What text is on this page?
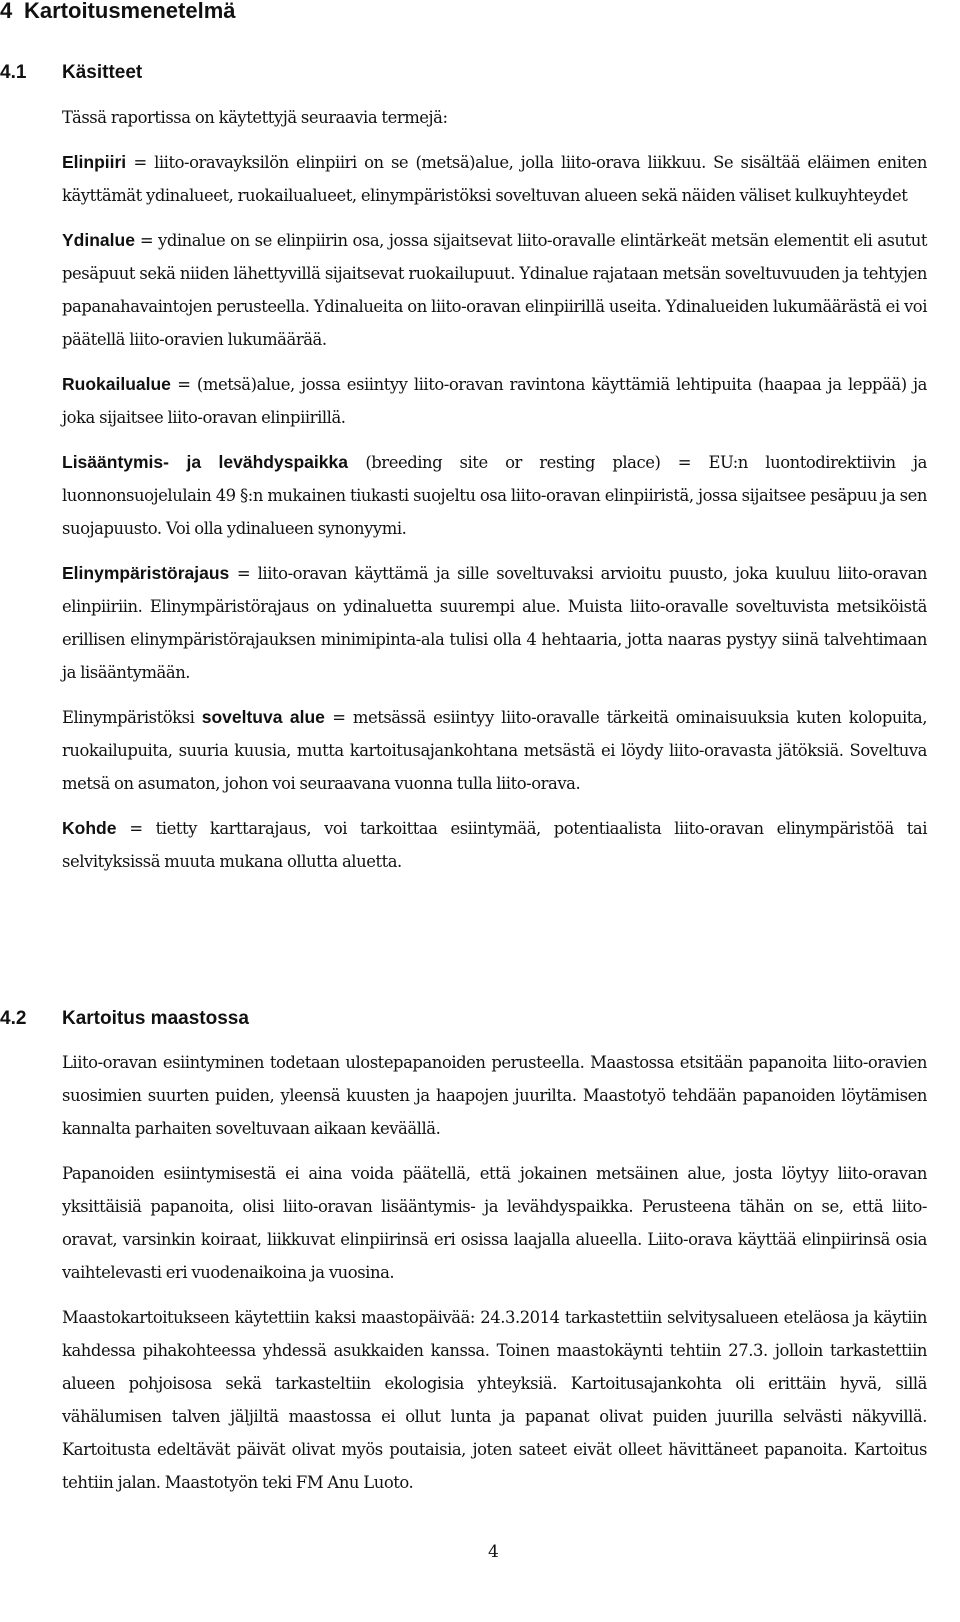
4 Kartoitusmenetelmä
4.1 Käsitteet

Tässä raportissa on käytettyjä seuraavia termejä:

Elinpiiri = liito-oravayksilön elinpiiri on se (metsä)alue, jolla liito-orava liikkuu. Se sisältää eläimen eniten käyttämät ydinalueet, ruokailualueet, elinympäristöksi soveltuvan alueen sekä näiden väliset kulkuyhteydet

Ydinalue = ydinalue on se elinpiirin osa, jossa sijaitsevat liito-oravalle elintärkeät metsän elementit eli asutut pesäpuut sekä niiden lähettyvillä sijaitsevat ruokailupuut. Ydinalue rajataan metsän soveltuvuuden ja tehtyjen papanahavaintojen perusteella. Ydinalueita on liito-oravan elinpiirillä useita. Ydinalueiden lukumäärästä ei voi päätellä liito-oravien lukumäärää.

Ruokailualue = (metsä)alue, jossa esiintyy liito-oravan ravintona käyttämiä lehtipuita (haapaa ja leppää) ja joka sijaitsee liito-oravan elinpiirillä.

Lisääntymis- ja levähdyspaikka (breeding site or resting place) = EU:n luontodirektiivin ja luonnonsuojelulain 49 §:n mukainen tiukasti suojeltu osa liito-oravan elinpiiristä, jossa sijaitsee pesäpuu ja sen suojapuusto. Voi olla ydinalueen synonyymi.

Elinympäristörajaus = liito-oravan käyttämä ja sille soveltuvaksi arvioitu puusto, joka kuuluu liito-oravan elinpiiriin. Elinympäristörajaus on ydinaluetta suurempi alue. Muista liito-oravalle soveltuvista metsiköistä erillisen elinympäristörajauksen minimipinta-ala tulisi olla 4 hehtaaria, jotta naaras pystyy siinä talvehtimaan ja lisääntymään.

Elinympäristöksi soveltuva alue = metsässä esiintyy liito-oravalle tärkeitä ominaisuuksia kuten kolopuita, ruokailupuita, suuria kuusia, mutta kartoitusajankohtana metsästä ei löydy liito-oravasta jätöksiä. Soveltuva metsä on asumaton, johon voi seuraavana vuonna tulla liito-orava.

Kohde = tietty karttarajaus, voi tarkoittaa esiintymää, potentiaalista liito-oravan elinympäristöä tai selvityksissä muuta mukana ollutta aluetta.

4.2 Kartoitus maastossa

Liito-oravan esiintyminen todetaan ulostepapanoiden perusteella. Maastossa etsitään papanoita liito-oravien suosimien suurten puiden, yleensä kuusten ja haapojen juurilta. Maastotyö tehdään papanoiden löytämisen kannalta parhaiten soveltuvaan aikaan keväällä.

Papanoiden esiintymisestä ei aina voida päätellä, että jokainen metsäinen alue, josta löytyy liito-oravan yksittäisiä papanoita, olisi liito-oravan lisääntymis- ja levähdyspaikka. Perusteena tähän on se, että liito-oravat, varsinkin koiraat, liikkuvat elinpiirinsä eri osissa laajalla alueella. Liito-orava käyttää elinpiirinsä osia vaihtelevasti eri vuodenaikoina ja vuosina.

Maastokartoitukseen käytettiin kaksi maastopäivää: 24.3.2014 tarkastettiin selvitysalueen eteläosa ja käytiin kahdessa pihakohteessa yhdessä asukkaiden kanssa. Toinen maastokäynti tehtiin 27.3. jolloin tarkastettiin alueen pohjoisosa sekä tarkasteltiin ekologisia yhteyksiä. Kartoitusajankohta oli erittäin hyvä, sillä vähälumisen talven jäljiltä maastossa ei ollut lunta ja papanat olivat puiden juurilla selvästi näkyvillä. Kartoitusta edeltävät päivät olivat myös poutaisia, joten sateet eivät olleet hävittäneet papanoita. Kartoitus tehtiin jalan. Maastotyön teki FM Anu Luoto.

4
